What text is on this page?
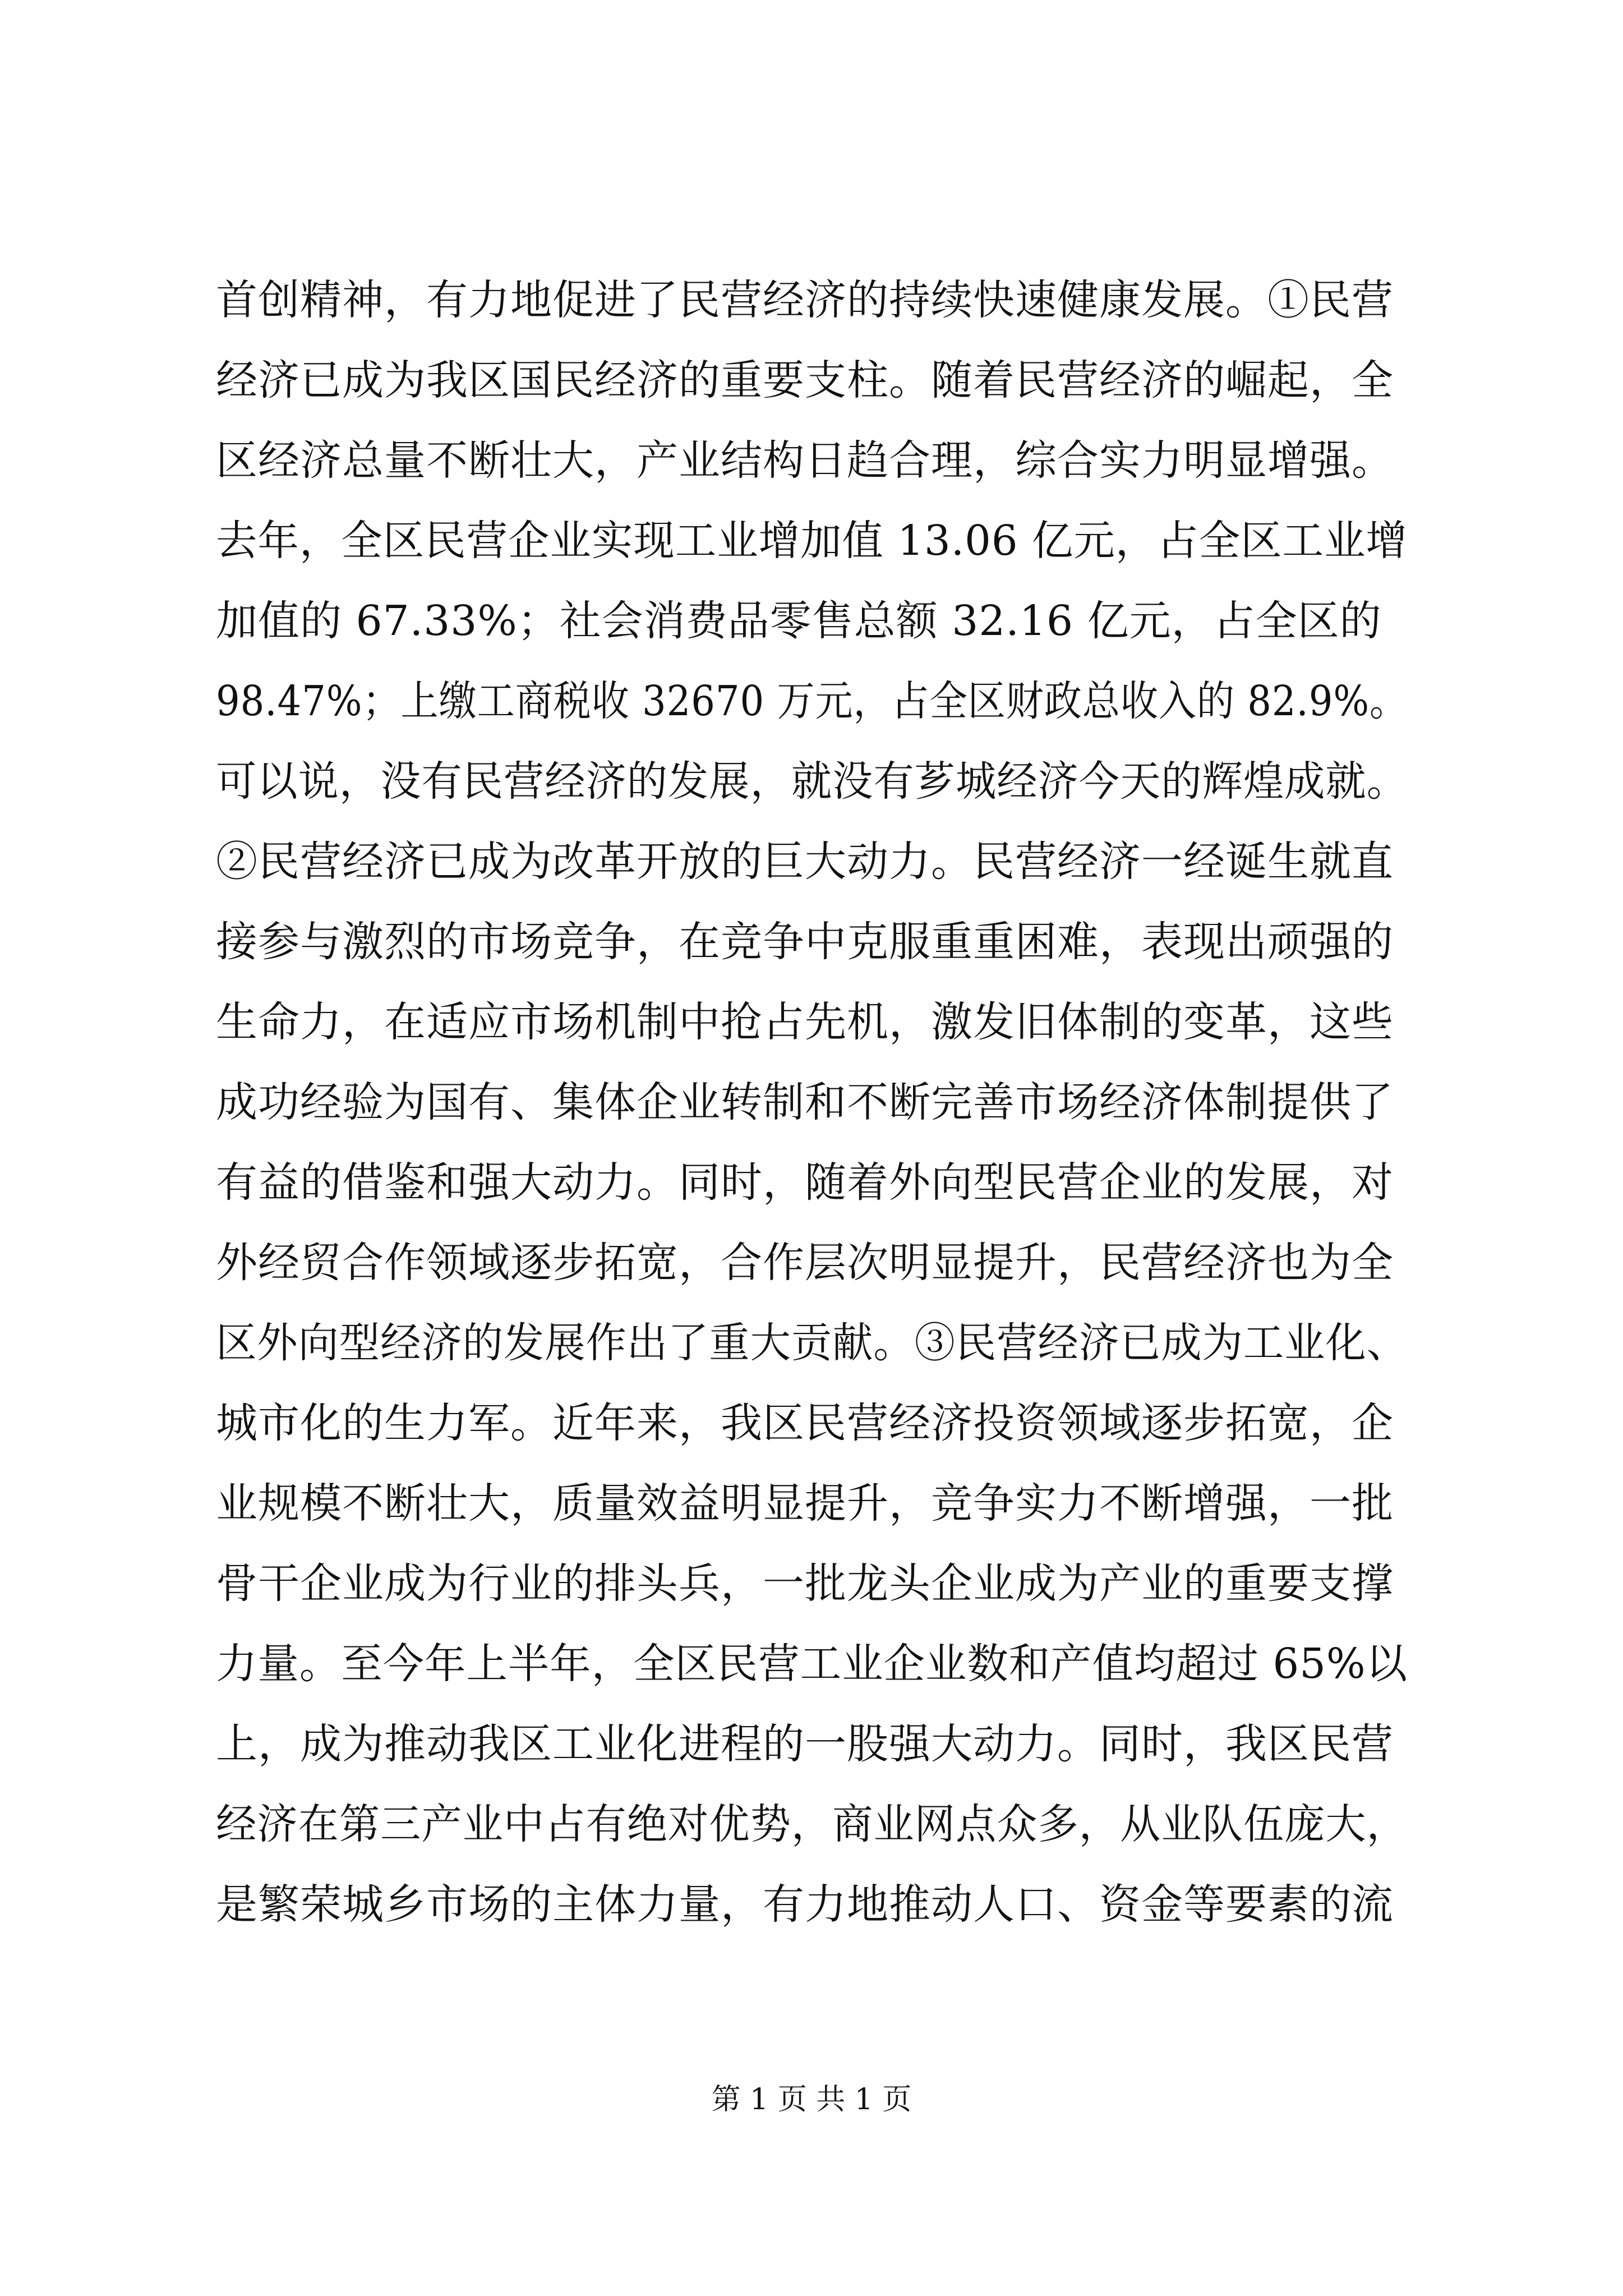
首创精神，有力地促进了民营经济的持续快速健康发展。①民营
经济已成为我区国民经济的重要支柱。随着民营经济的崛起，全
区经济总量不断壮大，产业结构日趋合理，综合实力明显增强。
去年，全区民营企业实现工业增加值 13.06 亿元，占全区工业增
加值的 67.33%；社会消费品零售总额 32.16 亿元，占全区的
98.47%；上缴工商税收 32670 万元，占全区财政总收入的 82.9%。
可以说，没有民营经济的发展，就没有芗城经济今天的辉煌成就。
②民营经济已成为改革开放的巨大动力。民营经济一经诞生就直
接参与激烈的市场竞争，在竞争中克服重重困难，表现出顽强的
生命力，在适应市场机制中抢占先机，激发旧体制的变革，这些
成功经验为国有、集体企业转制和不断完善市场经济体制提供了
有益的借鉴和强大动力。同时，随着外向型民营企业的发展，对
外经贸合作领域逐步拓宽，合作层次明显提升，民营经济也为全
区外向型经济的发展作出了重大贡献。③民营经济已成为工业化、
城市化的生力军。近年来，我区民营经济投资领域逐步拓宽，企
业规模不断壮大，质量效益明显提升，竞争实力不断增强，一批
骨干企业成为行业的排头兵，一批龙头企业成为产业的重要支撑
力量。至今年上半年，全区民营工业企业数和产值均超过 65%以
上，成为推动我区工业化进程的一股强大动力。同时，我区民营
经济在第三产业中占有绝对优势，商业网点众多，从业队伍庞大，
是繁荣城乡市场的主体力量，有力地推动人口、资金等要素的流
第 1 页 共 1 页
